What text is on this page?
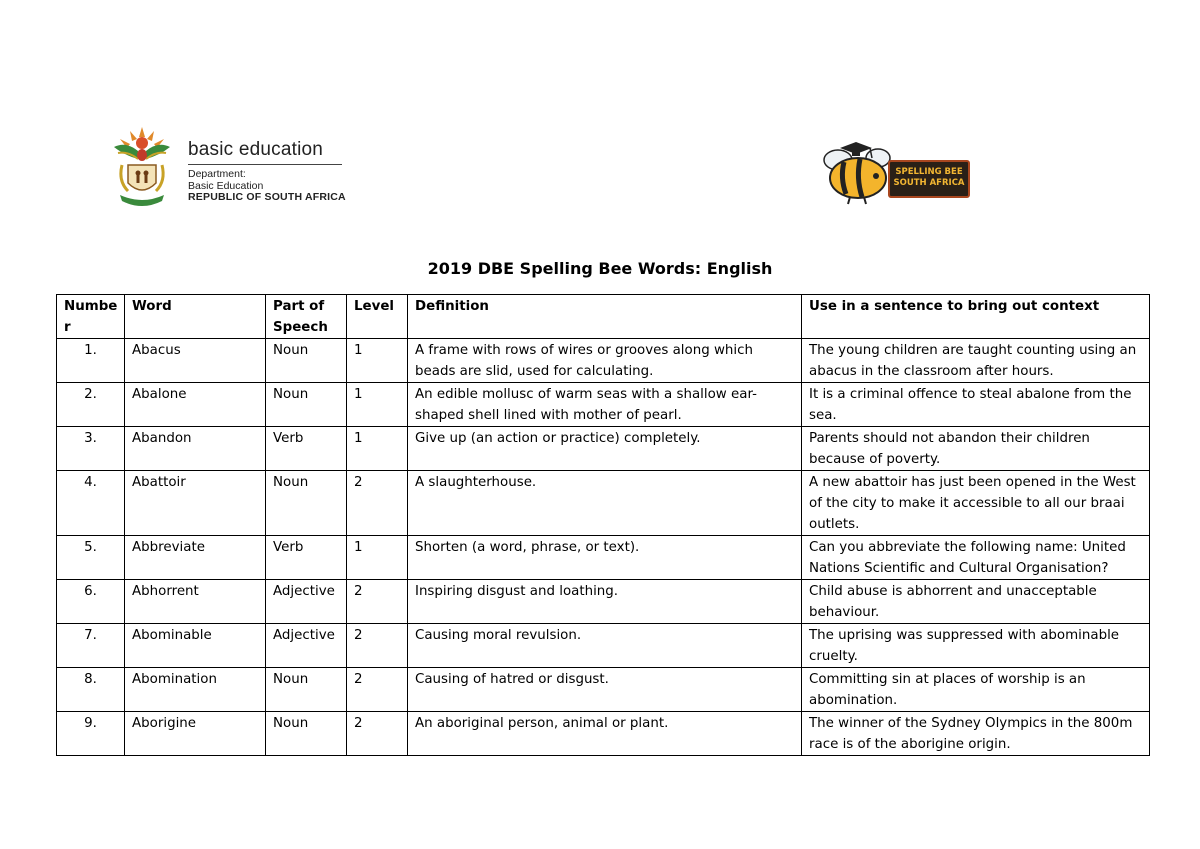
basic education
Department:
Basic Education
REPUBLIC OF SOUTH AFRICA
SPELLING BEE
SOUTH AFRICA
2019 DBE Spelling Bee Words: English
Numbe r	Word	Part of Speech	Level	Definition	Use in a sentence to bring out context
1.	Abacus	Noun	1	A frame with rows of wires or grooves along which beads are slid, used for calculating.	The young children are taught counting using an abacus in the classroom after hours.
2.	Abalone	Noun	1	An edible mollusc of warm seas with a shallow ear-shaped shell lined with mother of pearl.	It is a criminal offence to steal abalone from the sea.
3.	Abandon	Verb	1	Give up (an action or practice) completely.	Parents should not abandon their children because of poverty.
4.	Abattoir	Noun	2	A slaughterhouse.	A new abattoir has just been opened in the West of the city to make it accessible to all our braai outlets.
5.	Abbreviate	Verb	1	Shorten (a word, phrase, or text).	Can you abbreviate the following name: United Nations Scientific and Cultural Organisation?
6.	Abhorrent	Adjective	2	Inspiring disgust and loathing.	Child abuse is abhorrent and unacceptable behaviour.
7.	Abominable	Adjective	2	Causing moral revulsion.	The uprising was suppressed with abominable cruelty.
8.	Abomination	Noun	2	Causing of hatred or disgust.	Committing sin at places of worship is an abomination.
9.	Aborigine	Noun	2	An aboriginal person, animal or plant.	The winner of the Sydney Olympics in the 800m race is of the aborigine origin.
